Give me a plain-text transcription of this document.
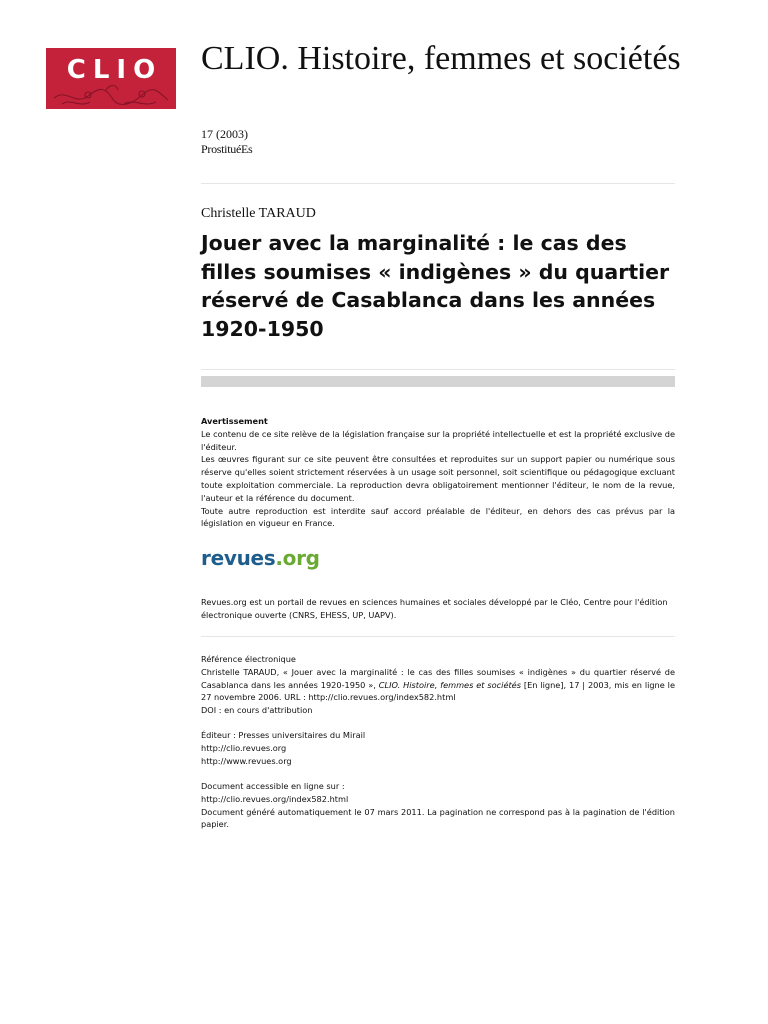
CLIO	CLIO. Histoire, femmes et sociétés
17 (2003)
ProstituéEs
Christelle TARAUD
Jouer avec la marginalité : le cas des filles soumises « indigènes » du quartier réservé de Casablanca dans les années 1920-1950
Avertissement

Le contenu de ce site relève de la législation française sur la propriété intellectuelle et est la propriété exclusive de l'éditeur.

Les œuvres figurant sur ce site peuvent être consultées et reproduites sur un support papier ou numérique sous réserve qu'elles soient strictement réservées à un usage soit personnel, soit scientifique ou pédagogique excluant toute exploitation commerciale. La reproduction devra obligatoirement mentionner l'éditeur, le nom de la revue, l'auteur et la référence du document.

Toute autre reproduction est interdite sauf accord préalable de l'éditeur, en dehors des cas prévus par la législation en vigueur en France.

revues.org
Revues.org est un portail de revues en sciences humaines et sociales développé par le Cléo, Centre pour l'édition électronique ouverte (CNRS, EHESS, UP, UAPV).
Référence électronique
Christelle TARAUD, « Jouer avec la marginalité : le cas des filles soumises « indigènes » du quartier réservé de Casablanca dans les années 1920-1950 », CLIO. Histoire, femmes et sociétés [En ligne], 17 | 2003, mis en ligne le 27 novembre 2006. URL : http://clio.revues.org/index582.html
DOI : en cours d'attribution
Éditeur : Presses universitaires du Mirail
http://clio.revues.org
http://www.revues.org
Document accessible en ligne sur :
http://clio.revues.org/index582.html
Document généré automatiquement le 07 mars 2011. La pagination ne correspond pas à la pagination de l'édition papier.
